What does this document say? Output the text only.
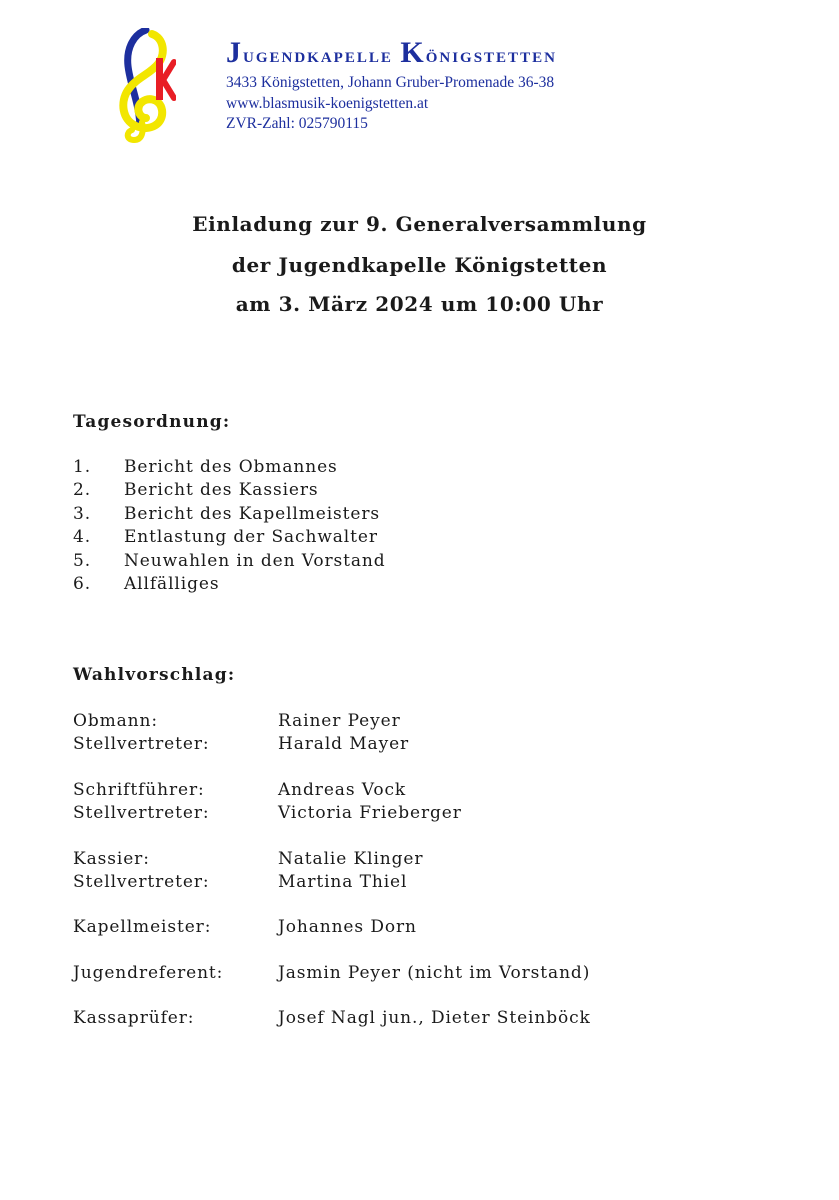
Jugendkapelle Königstetten
3433 Königstetten, Johann Gruber-Promenade 36-38
www.blasmusik-koenigstetten.at
ZVR-Zahl: 025790115
Einladung zur 9. Generalversammlung
der Jugendkapelle Königstetten
am 3. März 2024 um 10:00 Uhr
Tagesordnung:
1. Bericht des Obmannes
2. Bericht des Kassiers
3. Bericht des Kapellmeisters
4. Entlastung der Sachwalter
5. Neuwahlen in den Vorstand
6. Allfälliges
Wahlvorschlag:
Obmann:	Rainer Peyer
Stellvertreter:	Harald Mayer
Schriftführer:	Andreas Vock
Stellvertreter:	Victoria Frieberger
Kassier:	Natalie Klinger
Stellvertreter:	Martina Thiel
Kapellmeister:	Johannes Dorn
Jugendreferent:	Jasmin Peyer (nicht im Vorstand)
Kassaprüfer:	Josef Nagl jun., Dieter Steinböck
